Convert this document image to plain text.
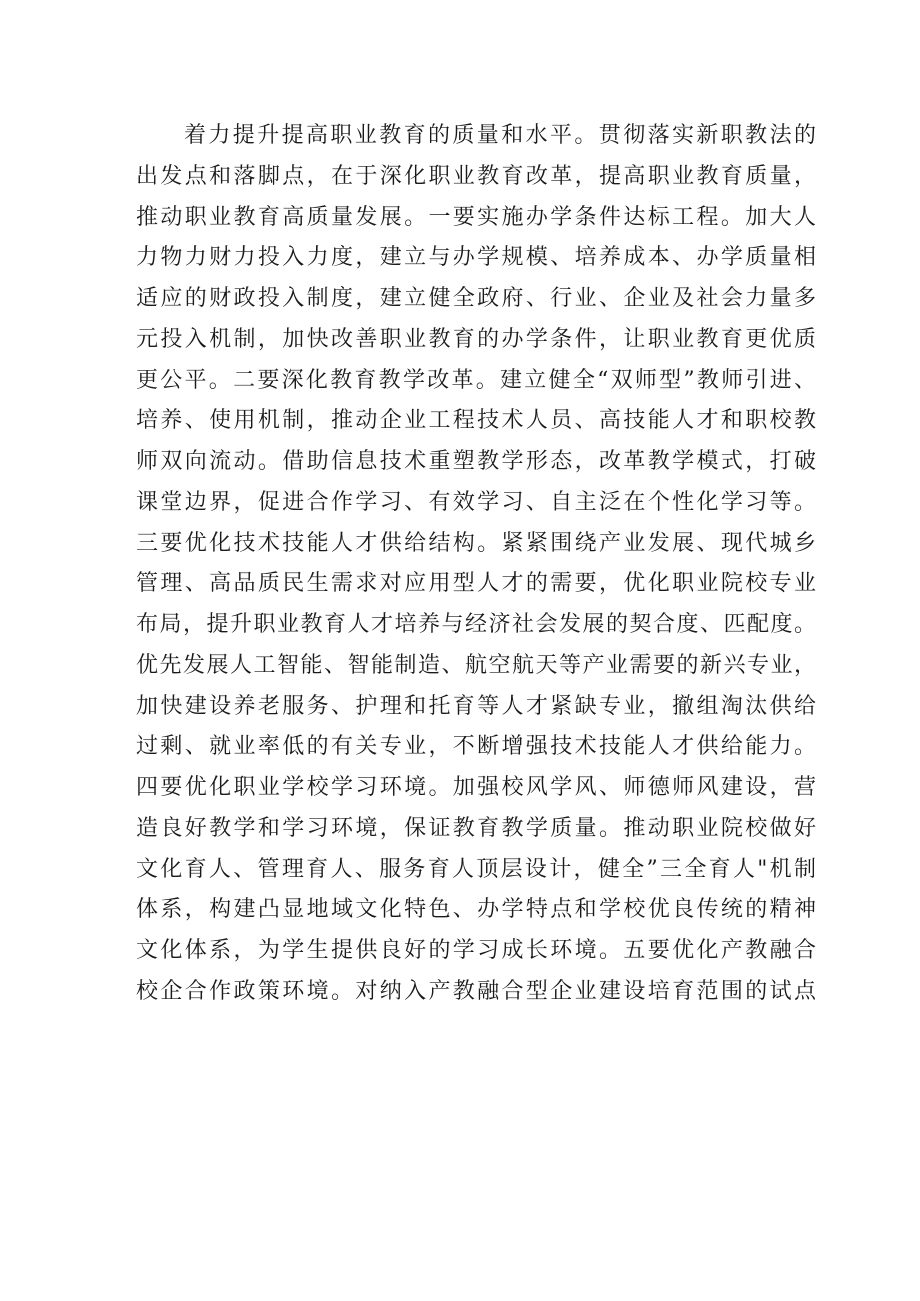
着力提升提高职业教育的质量和水平。贯彻落实新职教法的
出发点和落脚点，在于深化职业教育改革，提高职业教育质量，
推动职业教育高质量发展。一要实施办学条件达标工程。加大人
力物力财力投入力度，建立与办学规模、培养成本、办学质量相
适应的财政投入制度，建立健全政府、行业、企业及社会力量多
元投入机制，加快改善职业教育的办学条件，让职业教育更优质
更公平。二要深化教育教学改革。建立健全“双师型”教师引进、
培养、使用机制，推动企业工程技术人员、高技能人才和职校教
师双向流动。借助信息技术重塑教学形态，改革教学模式，打破
课堂边界，促进合作学习、有效学习、自主泛在个性化学习等。
三要优化技术技能人才供给结构。紧紧围绕产业发展、现代城乡
管理、高品质民生需求对应用型人才的需要，优化职业院校专业
布局，提升职业教育人才培养与经济社会发展的契合度、匹配度。
优先发展人工智能、智能制造、航空航天等产业需要的新兴专业，
加快建设养老服务、护理和托育等人才紧缺专业，撤组淘汰供给
过剩、就业率低的有关专业，不断增强技术技能人才供给能力。
四要优化职业学校学习环境。加强校风学风、师德师风建设，营
造良好教学和学习环境，保证教育教学质量。推动职业院校做好
文化育人、管理育人、服务育人顶层设计，健全”三全育人"机制
体系，构建凸显地域文化特色、办学特点和学校优良传统的精神
文化体系，为学生提供良好的学习成长环境。五要优化产教融合
校企合作政策环境。对纳入产教融合型企业建设培育范围的试点
